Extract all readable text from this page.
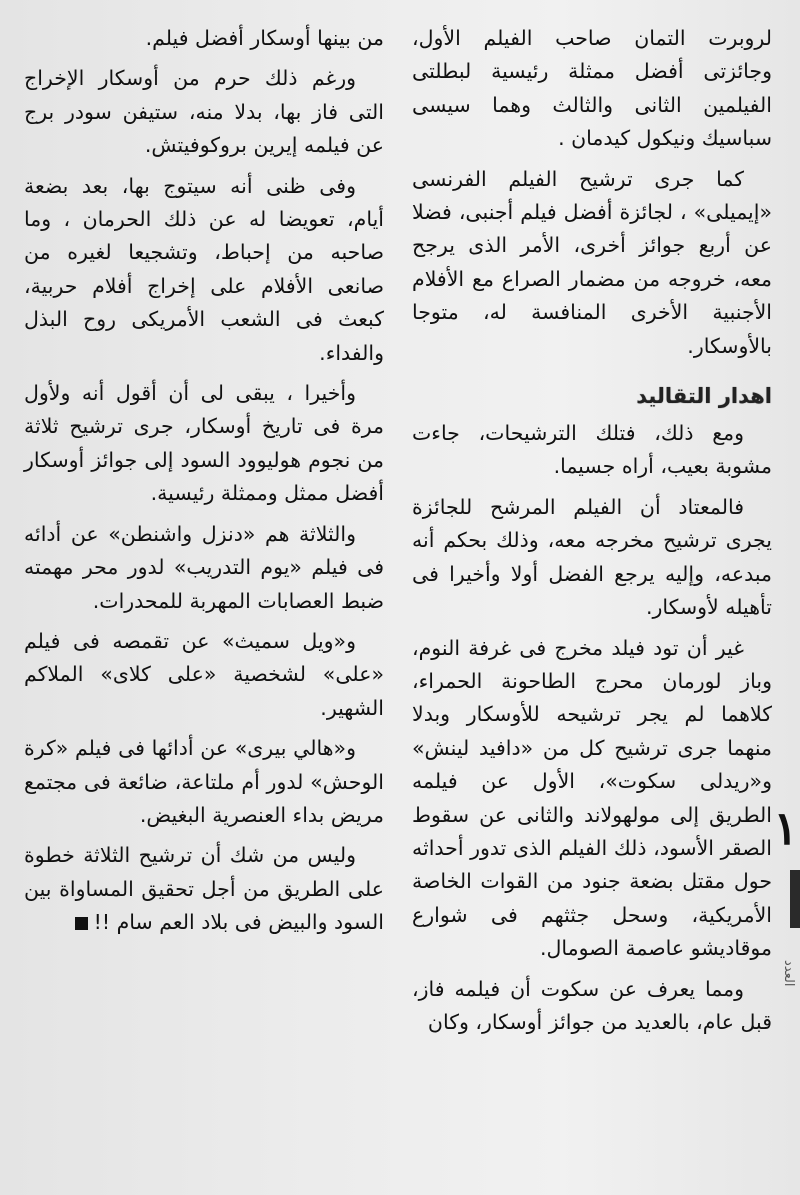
لروبرت التمان صاحب الفيلم الأول، وجائزتى أفضل ممثلة رئيسية لبطلتى الفيلمين الثانى والثالث وهما سيسى سباسيك ونيكول كيدمان .

كما جرى ترشيح الفيلم الفرنسى «إيميلى» ، لجائزة أفضل فيلم أجنبى، فضلا عن أربع جوائز أخرى، الأمر الذى يرجح معه، خروجه من مضمار الصراع مع الأفلام الأجنبية الأخرى المنافسة له، متوجا بالأوسكار.

اهدار التقاليد

ومع ذلك، فتلك الترشيحات، جاءت مشوبة بعيب، أراه جسيما.

فالمعتاد أن الفيلم المرشح للجائزة يجرى ترشيح مخرجه معه، وذلك بحكم أنه مبدعه، وإليه يرجع الفضل أولا وأخيرا فى تأهيله لأوسكار.

غير أن تود فيلد مخرج فى غرفة النوم، وباز لورمان محرج الطاحونة الحمراء، كلاهما لم يجر ترشيحه للأوسكار وبدلا منهما جرى ترشيح كل من «دافيد لينش» و«ريدلى سكوت»، الأول عن فيلمه الطريق إلى مولهولاند والثانى عن سقوط الصقر الأسود، ذلك الفيلم الذى تدور أحداثه حول مقتل بضعة جنود من القوات الخاصة الأمريكية، وسحل جثثهم فى شوارع موقاديشو عاصمة الصومال.

ومما يعرف عن سكوت أن فيلمه فاز، قبل عام، بالعديد من جوائز أوسكار، وكان

من بينها أوسكار أفضل فيلم.

ورغم ذلك حرم من أوسكار الإخراج التى فاز بها، بدلا منه، ستيفن سودر برج عن فيلمه إيرين بروكوفيتش.

وفى ظنى أنه سيتوج بها، بعد بضعة أيام، تعويضا له عن ذلك الحرمان ، وما صاحبه من إحباط، وتشجيعا لغيره من صانعى الأفلام على إخراج أفلام حربية، كبعث فى الشعب الأمريكى روح البذل والفداء.

وأخيرا ، يبقى لى أن أقول أنه ولأول مرة فى تاريخ أوسكار، جرى ترشيح ثلاثة من نجوم هوليوود السود إلى جوائز أوسكار أفضل ممثل وممثلة رئيسية.

والثلاثة هم «دنزل واشنطن» عن أدائه فى فيلم «يوم التدريب» لدور محر مهمته ضبط العصابات المهربة للمحدرات.

و«ويل سميث» عن تقمصه فى فيلم «على» لشخصية «على كلاى» الملاكم الشهير.

و«هالي بيرى» عن أدائها فى فيلم «كرة الوحش» لدور أم ملتاعة، ضائعة فى مجتمع مريض بداء العنصرية البغيض.

وليس من شك أن ترشيح الثلاثة خطوة على الطريق من أجل تحقيق المساواة بين السود والبيض فى بلاد العم سام !!

١
العدد
